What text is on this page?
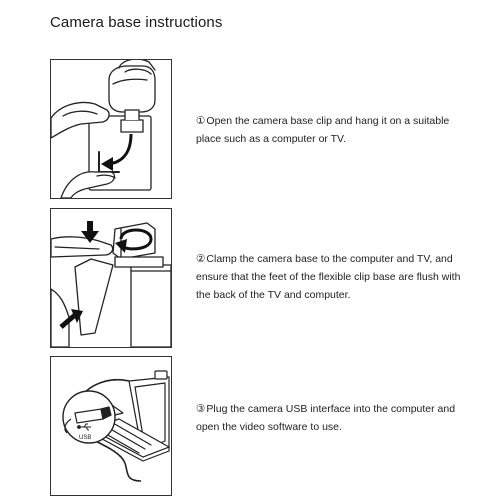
Camera base instructions
USB
①Open the camera base clip and hang it on a suitable place such as a computer or TV.
②Clamp the camera base to the computer and TV, and ensure that the feet of the flexible clip base are flush with the back of the TV and computer.
③Plug the camera USB interface into the computer and open the video software to use.
